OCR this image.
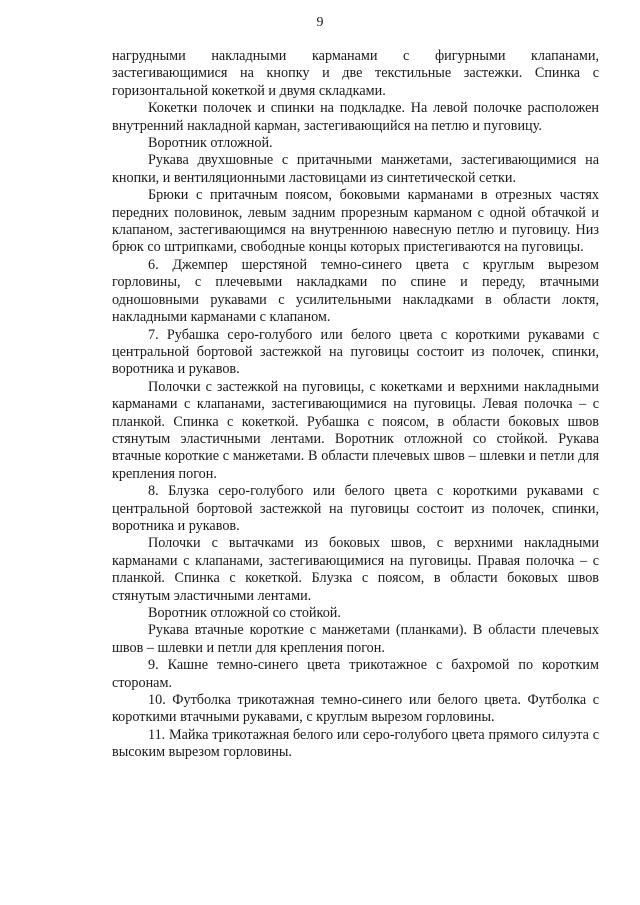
9

нагрудными накладными карманами с фигурными клапанами, застегивающимися на кнопку и две текстильные застежки. Спинка с горизонтальной кокеткой и двумя складками.

Кокетки полочек и спинки на подкладке. На левой полочке расположен внутренний накладной карман, застегивающийся на петлю и пуговицу.

Воротник отложной.

Рукава двухшовные с притачными манжетами, застегивающимися на кнопки, и вентиляционными ластовицами из синтетической сетки.

Брюки с притачным поясом, боковыми карманами в отрезных частях передних половинок, левым задним прорезным карманом с одной обтачкой и клапаном, застегивающимся на внутреннюю навесную петлю и пуговицу. Низ брюк со штрипками, свободные концы которых пристегиваются на пуговицы.

6. Джемпер шерстяной темно-синего цвета с круглым вырезом горловины, с плечевыми накладками по спине и переду, втачными одношовными рукавами с усилительными накладками в области локтя, накладными карманами с клапаном.

7. Рубашка серо-голубого или белого цвета с короткими рукавами с центральной бортовой застежкой на пуговицы состоит из полочек, спинки, воротника и рукавов.

Полочки с застежкой на пуговицы, с кокетками и верхними накладными карманами с клапанами, застегивающимися на пуговицы. Левая полочка – с планкой. Спинка с кокеткой. Рубашка с поясом, в области боковых швов стянутым эластичными лентами. Воротник отложной со стойкой. Рукава втачные короткие с манжетами. В области плечевых швов – шлевки и петли для крепления погон.

8. Блузка серо-голубого или белого цвета с короткими рукавами с центральной бортовой застежкой на пуговицы состоит из полочек, спинки, воротника и рукавов.

Полочки с вытачками из боковых швов, с верхними накладными карманами с клапанами, застегивающимися на пуговицы. Правая полочка – с планкой. Спинка с кокеткой. Блузка с поясом, в области боковых швов стянутым эластичными лентами.

Воротник отложной со стойкой.

Рукава втачные короткие с манжетами (планками). В области плечевых швов – шлевки и петли для крепления погон.

9. Кашне темно-синего цвета трикотажное с бахромой по коротким сторонам.

10. Футболка трикотажная темно-синего или белого цвета. Футболка с короткими втачными рукавами, с круглым вырезом горловины.

11. Майка трикотажная белого или серо-голубого цвета прямого силуэта с высоким вырезом горловины.
